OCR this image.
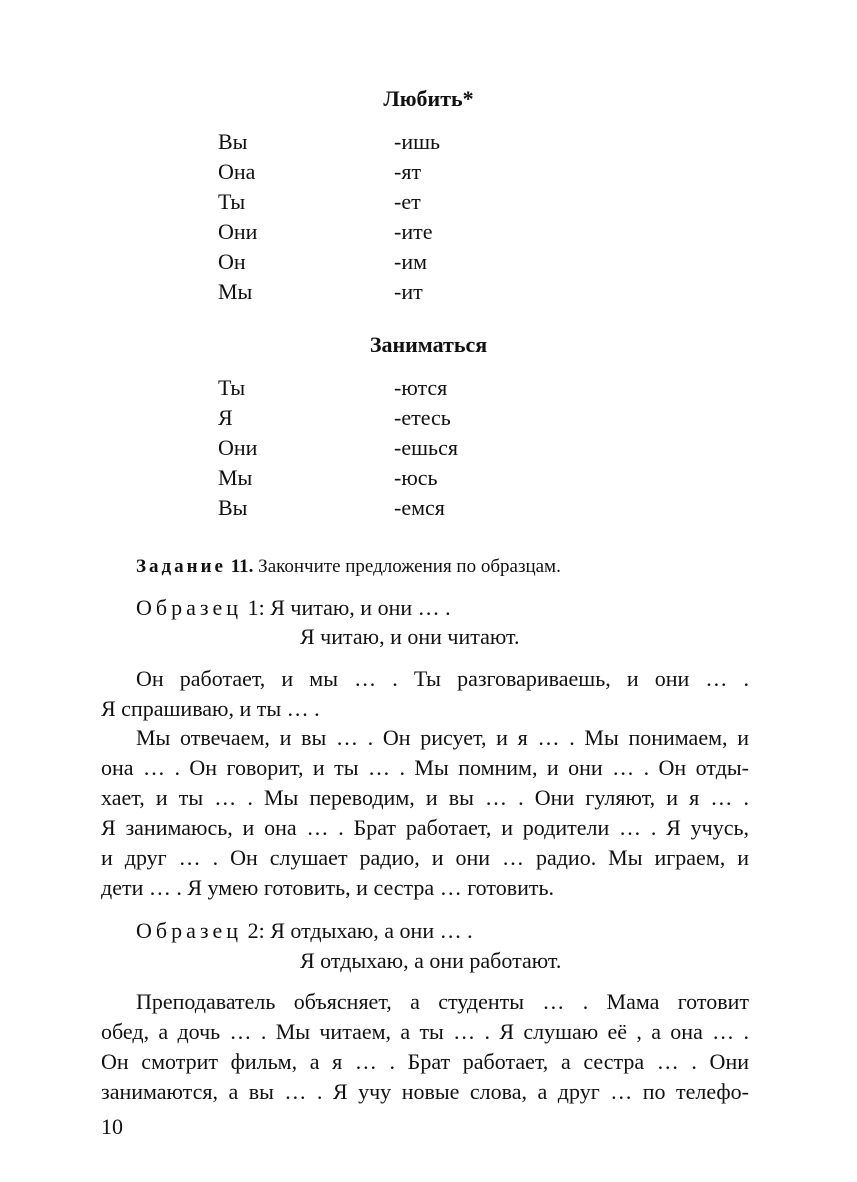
Любить*
Вы	-ишь
Она	-ят
Ты	-ет
Они	-ите
Он	-им
Мы	-ит
Заниматься
Ты	-ются
Я	-етесь
Они	-ешься
Мы	-юсь
Вы	-емся
Задание 11. Закончите предложения по образцам.
Образец 1: Я читаю, и они … .
Я читаю, и они читают.
Он работает, и мы … . Ты разговариваешь, и они … .
Я спрашиваю, и ты … .
Мы отвечаем, и вы … . Он рисует, и я … . Мы понимаем, и
она … . Он говорит, и ты … . Мы помним, и они … . Он отды-
хает, и ты … . Мы переводим, и вы … . Они гуляют, и я … .
Я занимаюсь, и она … . Брат работает, и родители … . Я учусь,
и друг … . Он слушает радио, и они … радио. Мы играем, и
дети … . Я умею готовить, и сестра … готовить.
Образец 2: Я отдыхаю, а они … .
Я отдыхаю, а они работают.
Преподаватель объясняет, а студенты … . Мама готовит
обед, а дочь … . Мы читаем, а ты … . Я слушаю её , а она … .
Он смотрит фильм, а я … . Брат работает, а сестра … . Они
занимаются, а вы … . Я учу новые слова, а друг … по телефо-
10
